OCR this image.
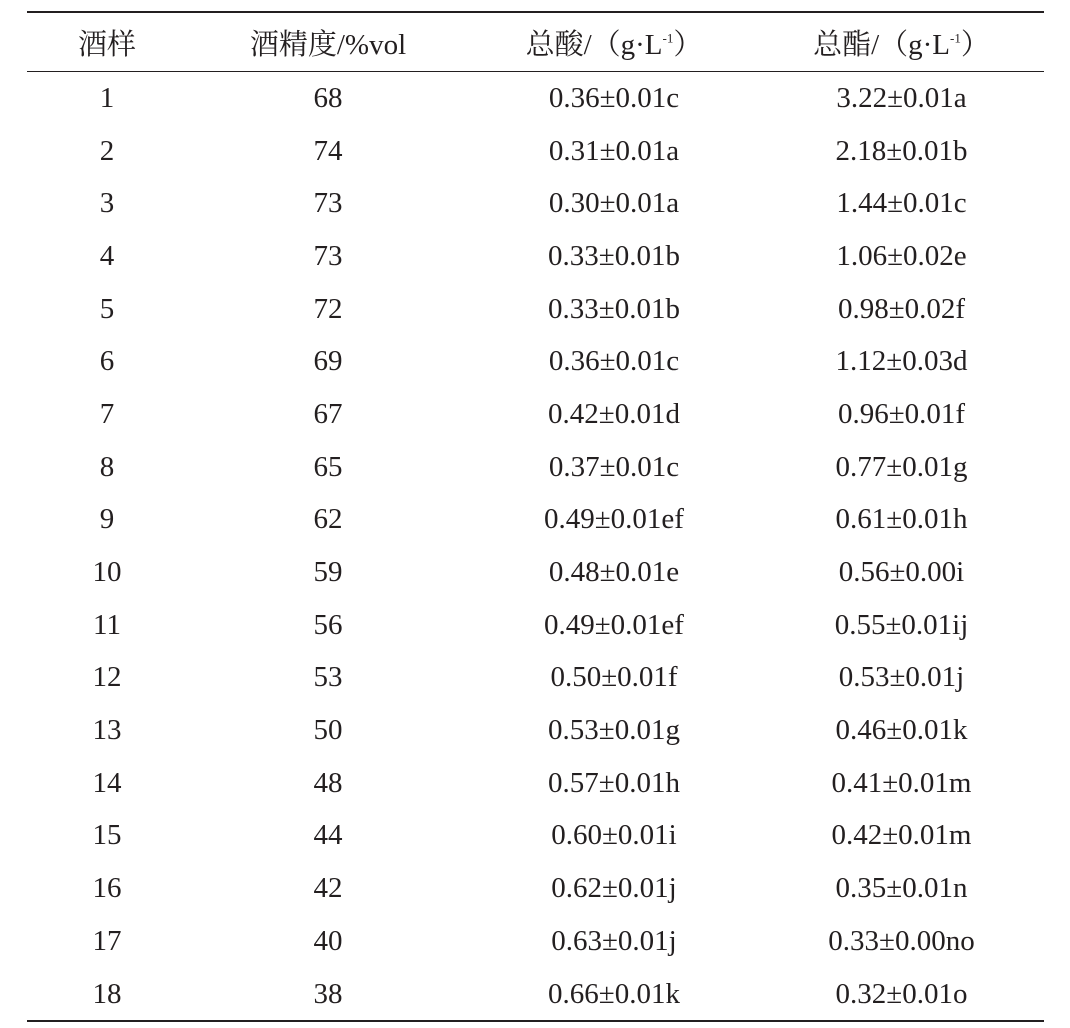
酒样	酒精度/%vol	总酸$/(g\cdot L^{-1})$	总酯$/(g\cdot L^{-1})$
1	68	0.36±0.01c	3.22±0.01a
2	74	0.31±0.01a	2.18±0.01b
3	73	0.30±0.01a	1.44±0.01c
4	73	0.33±0.01b	1.06±0.02e
5	72	0.33±0.01b	0.98±0.02f
6	69	0.36±0.01c	1.12±0.03d
7	67	0.42±0.01d	0.96±0.01f
8	65	0.37±0.01c	0.77±0.01g
9	62	0.49±0.01ef	0.61±0.01h
10	59	0.48±0.01e	0.56±0.00i
11	56	0.49±0.01ef	0.55±0.01ij
12	53	0.50±0.01f	0.53±0.01j
13	50	0.53±0.01g	0.46±0.01k
14	48	0.57±0.01h	0.41±0.01m
15	44	0.60±0.01i	0.42±0.01m
16	42	0.62±0.01j	0.35±0.01n
17	40	0.63±0.01j	0.33±0.00no
18	38	0.66±0.01k	0.32±0.01o
